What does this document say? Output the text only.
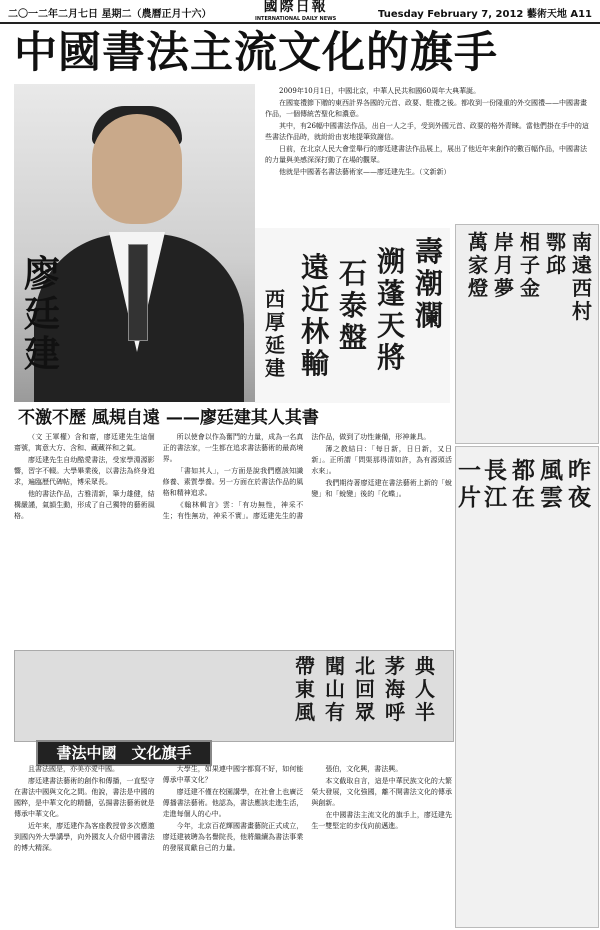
二〇一二年二月七日 星期二（農曆正月十六）	國際日報
INTERNATIONAL DAILY NEWS	Tuesday February 7, 2012 藝術天地 A11
中國書法主流文化的旗手
廖廷建

2009年10月1日，中國北京，中華人民共和國60周年大典華誕。

在國宴禮節下贈的東西計界各國的元首、政要、駐禮之後。都收到一份隆重的外交國禮——中國書畫作品，一個傳統苦聖化和濃意。

其中，有26幅中國書法作品，出自一人之手，受到外國元首、政要的格外青睞。當他們掛在手中的這些書法作品時，就紛紛由衷地提筆致謝信。

日前，在北京人民大會堂舉行的廖廷建書法作品展上，展出了他近年來創作的數百幅作品，中國書法的力量與美感深深打動了在場的觀眾。

他就是中國著名書法藝術家——廖廷建先生。（文新新）

壽潮瀾
溯蓬天將
石泰盤
遠近林輸
西厚延建
南遠西村
鄂邱
相子金
岸月夢
萬家燈
昨夜
風雲
都在
長江
一片
不激不歷 風規自遠 ——廖廷建其人其書

（文 王軍權）含和齋，廖廷建先生這個齋號，寓意大方、含和、藏藏祥和之氣。

廖廷建先生自幼酷愛書法，受家學淵源影響，習字不輟。大學畢業後，以書法為終身追求，遍臨歷代碑帖，博采眾長。

他的書法作品，古雅清新，筆力雄健，結構嚴謹，氣韻生動，形成了自己獨特的藝術風格。

所以使會以作為奮鬥的力量，成為一名真正的書法家，一生都在追求書法藝術的最高境界。

「書如其人」，一方面是說我們應該知識修養、素質學養。另一方面在於書法作品的風格和精神追求。

《翰林輯言》雲：「有功無性，神采不生；有性無功，神采不實」。廖廷建先生的書法作品，做到了功性兼備，形神兼具。

薄之教結曰：「每日新，日日新，又日新」。正所謂「問渠那得清如許，為有源頭活水來」。

我們期待著廖廷建在書法藝術上新的「蛻變」和「蛻變」後的「化蝶」。

典人半
茅海呼
北回眾
聞山有
帶東風
書法中國　文化旗手

且書法國是，亦美亦愛中國。

廖廷建書法藝術的創作和傳播，一直堅守在書法中國與文化之間。他說，書法是中國的國粹，是中華文化的精髓，弘揚書法藝術就是傳承中華文化。

近年來，廖廷建作為客座教授曾多次應邀到國內外大學講學，向外國友人介紹中國書法的博大精深。

大學生，如果連中國字都寫不好，如何能傳承中華文化？

廖廷建不僅在校園講學，在社會上也廣泛傳播書法藝術。他認為，書法應該走進生活，走進每個人的心中。

今年，北京百花輝國書畫藝院正式成立，廖廷建被聘為名譽院長，他將繼續為書法事業的發展貢獻自己的力量。

張伯，文化興，書法興。

本文截取自言，這是中華民族文化的大繁榮大發展，文化強國，離不開書法文化的傳承與創新。

在中國書法主流文化的旗手上，廖廷建先生一雙堅定的步伐向前邁進。
